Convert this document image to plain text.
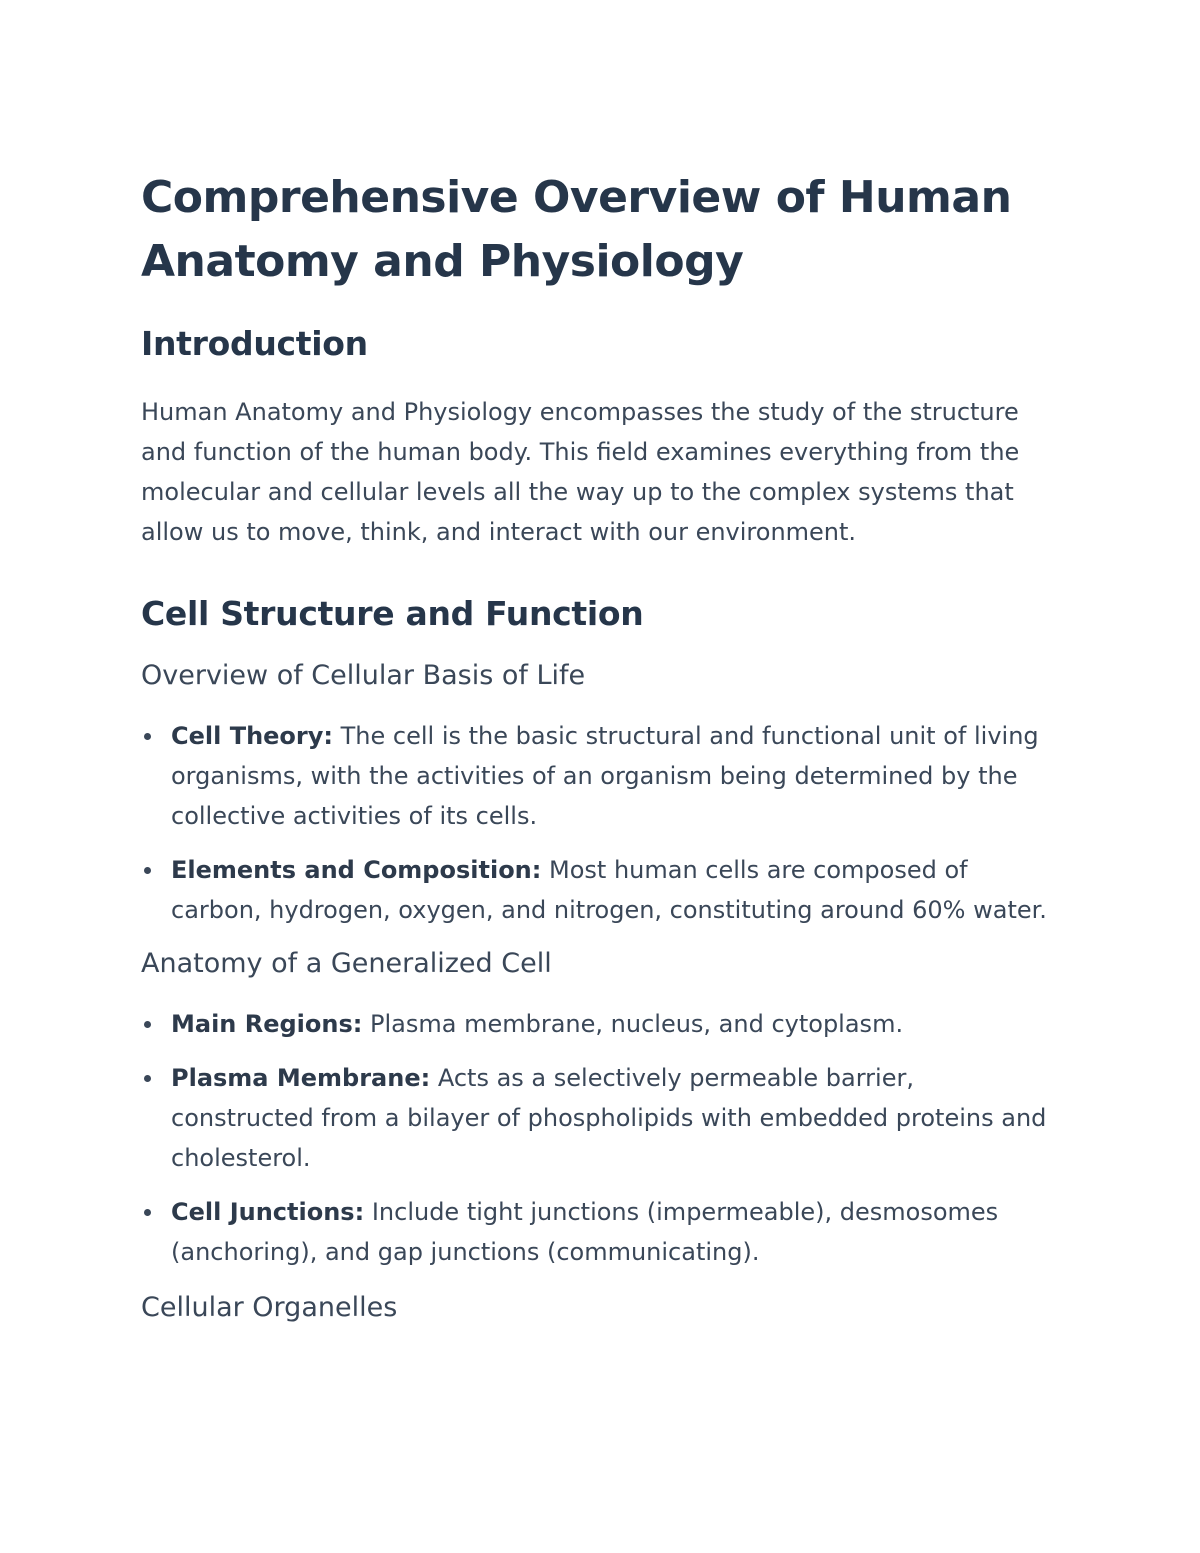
Comprehensive Overview of Human Anatomy and Physiology
Introduction

Human Anatomy and Physiology encompasses the study of the structure and function of the human body. This field examines everything from the molecular and cellular levels all the way up to the complex systems that allow us to move, think, and interact with our environment.

Cell Structure and Function
Overview of Cellular Basis of Life
Cell Theory: The cell is the basic structural and functional unit of living organisms, with the activities of an organism being determined by the collective activities of its cells.
Elements and Composition: Most human cells are composed of carbon, hydrogen, oxygen, and nitrogen, constituting around 60% water.
Anatomy of a Generalized Cell
Main Regions: Plasma membrane, nucleus, and cytoplasm.
Plasma Membrane: Acts as a selectively permeable barrier, constructed from a bilayer of phospholipids with embedded proteins and cholesterol.
Cell Junctions: Include tight junctions (impermeable), desmosomes (anchoring), and gap junctions (communicating).
Cellular Organelles
